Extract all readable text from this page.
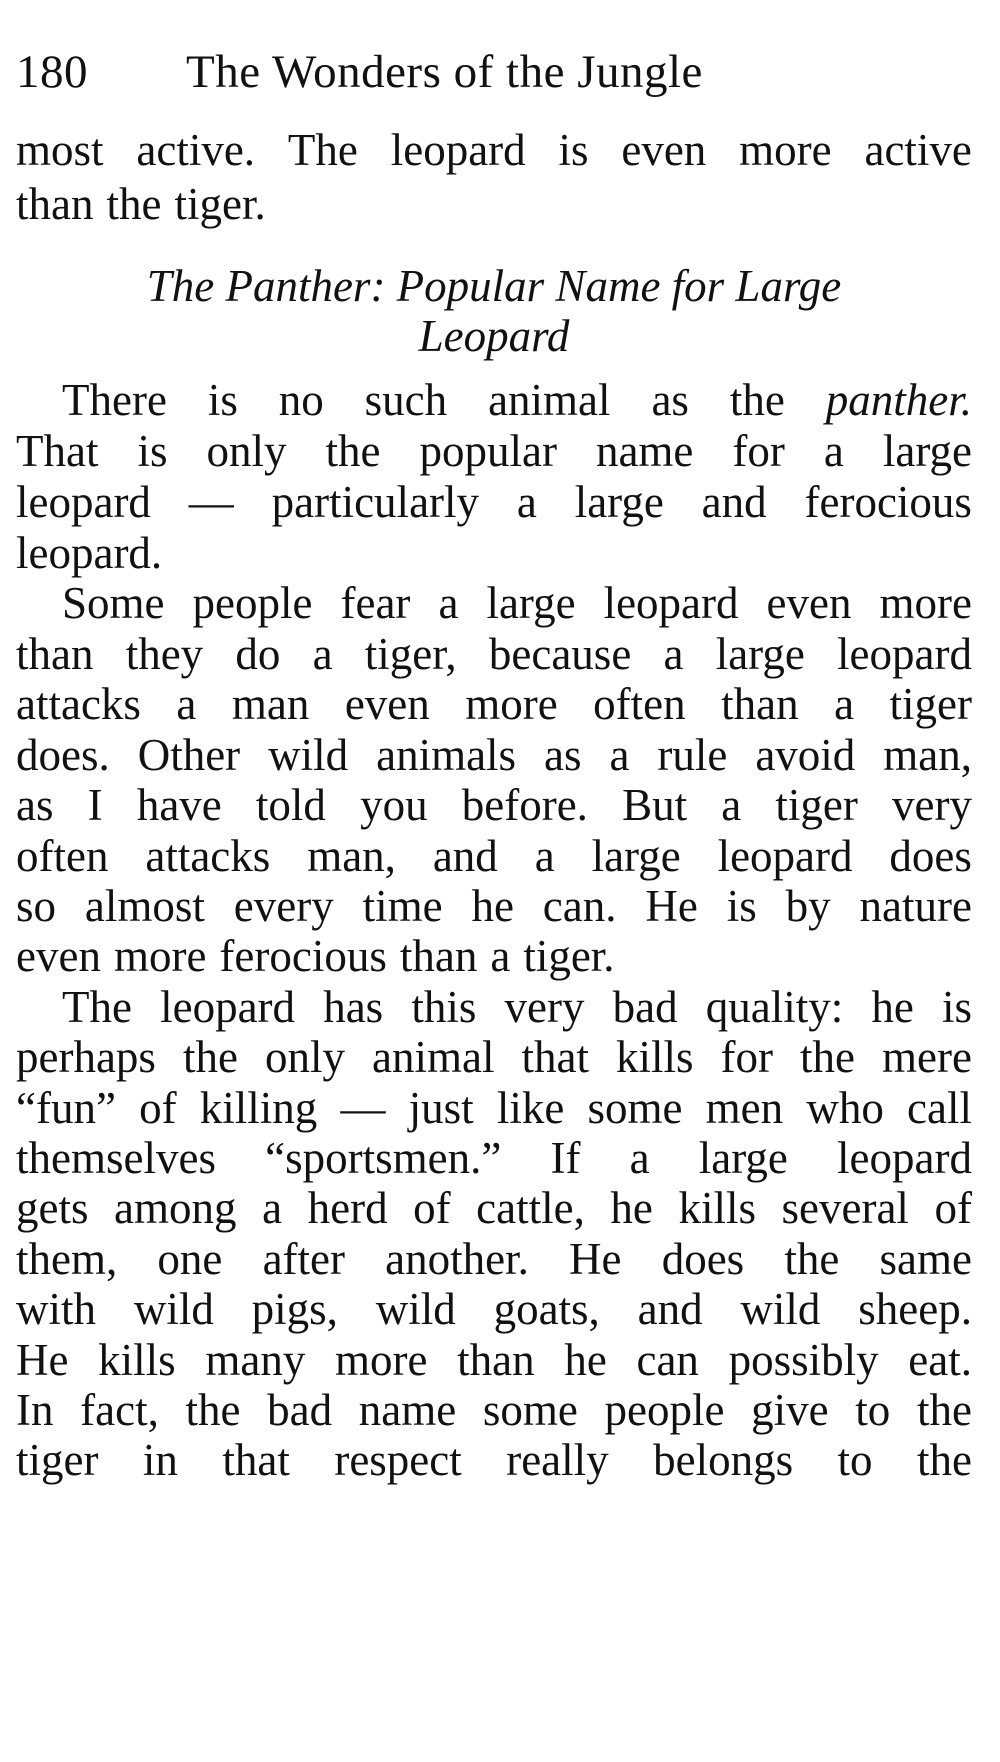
180 The Wonders of the Jungle
most active. The leopard is even more active
than the tiger.
The Panther: Popular Name for Large
Leopard
There is no such animal as the panther.
That is only the popular name for a large
leopard — particularly a large and ferocious
leopard.
Some people fear a large leopard even more
than they do a tiger, because a large leopard
attacks a man even more often than a tiger
does. Other wild animals as a rule avoid man,
as I have told you before. But a tiger very
often attacks man, and a large leopard does
so almost every time he can. He is by nature
even more ferocious than a tiger.
The leopard has this very bad quality: he is
perhaps the only animal that kills for the mere
“fun” of killing — just like some men who call
themselves “sportsmen.” If a large leopard
gets among a herd of cattle, he kills several of
them, one after another. He does the same
with wild pigs, wild goats, and wild sheep.
He kills many more than he can possibly eat.
In fact, the bad name some people give to the
tiger in that respect really belongs to the
